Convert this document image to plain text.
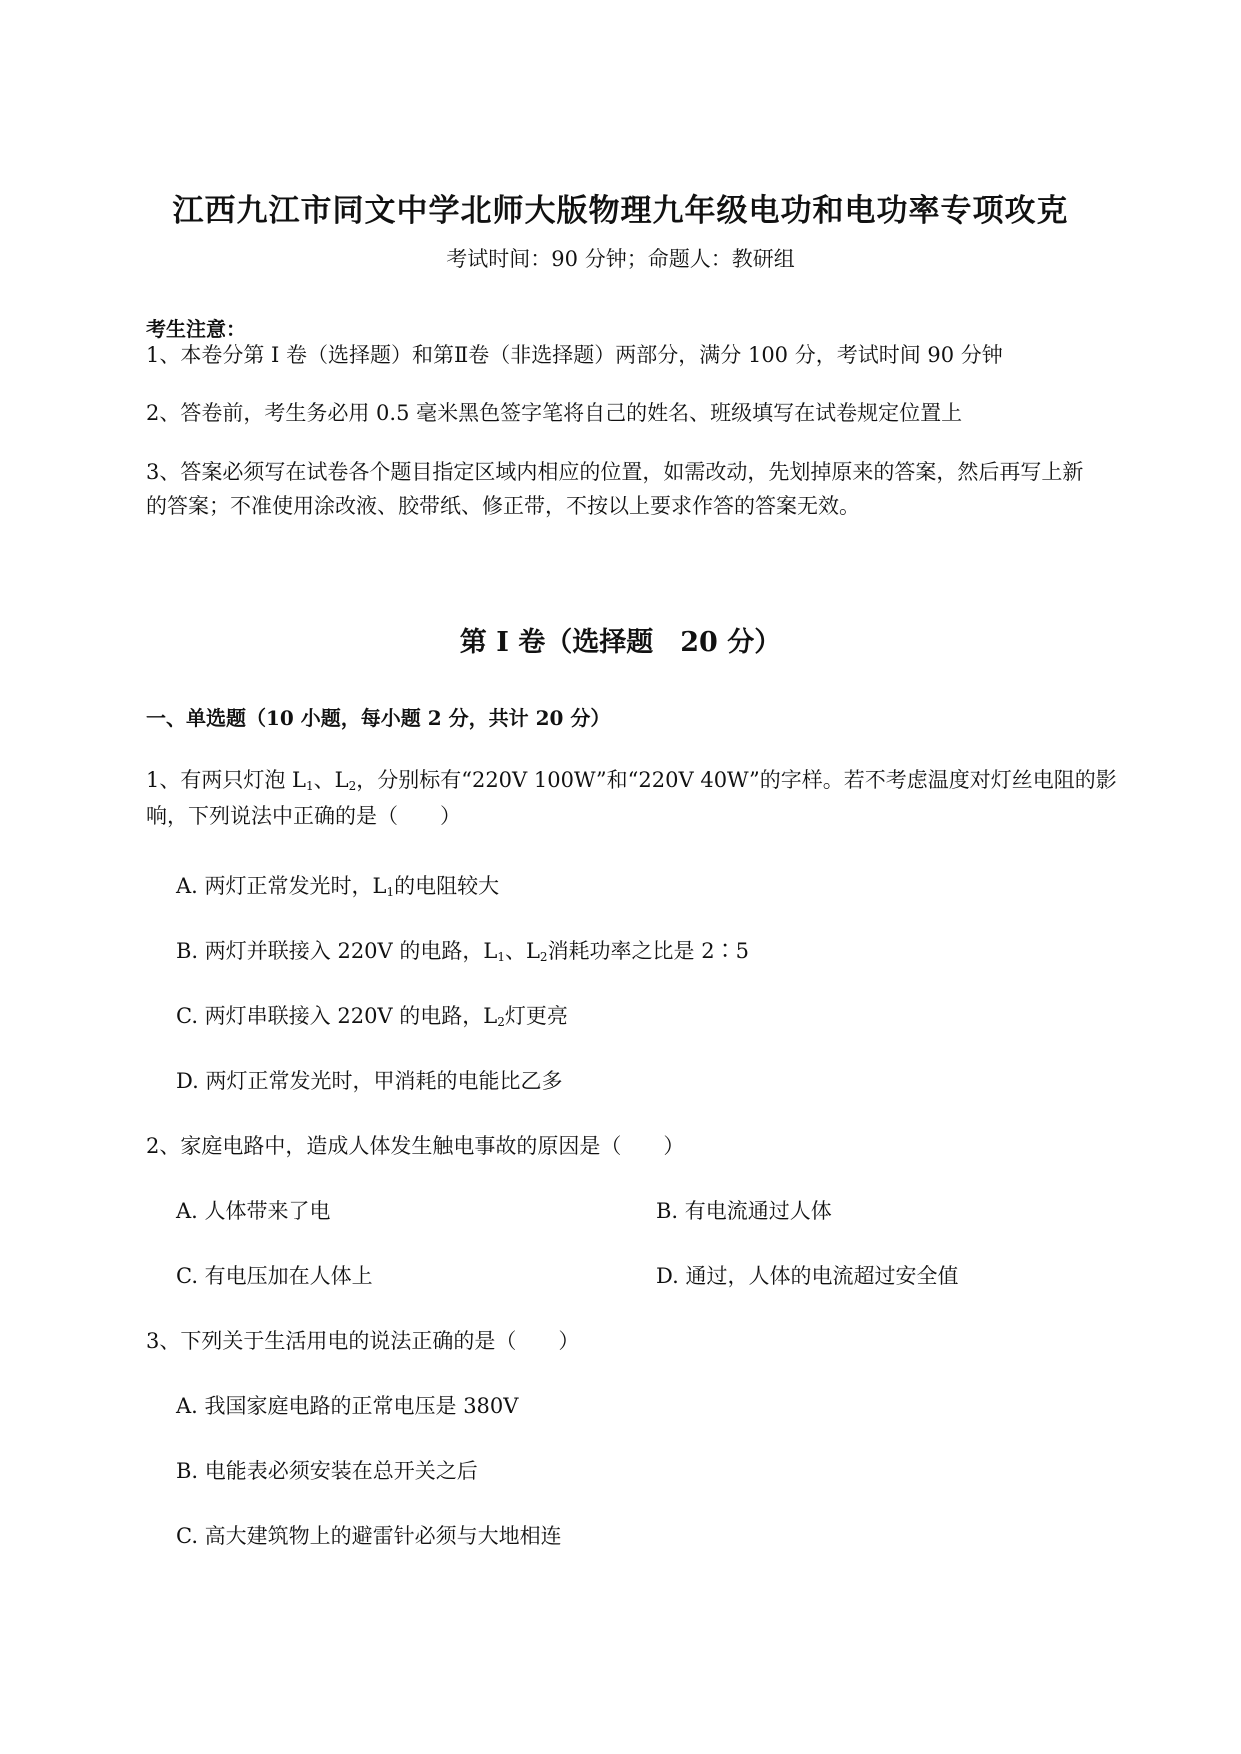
江西九江市同文中学北师大版物理九年级电功和电功率专项攻克
考试时间：90 分钟；命题人：教研组
考生注意：
1、本卷分第 I 卷（选择题）和第Ⅱ卷（非选择题）两部分，满分 100 分，考试时间 90 分钟
2、答卷前，考生务必用 0.5 毫米黑色签字笔将自己的姓名、班级填写在试卷规定位置上
3、答案必须写在试卷各个题目指定区域内相应的位置，如需改动，先划掉原来的答案，然后再写上新
的答案；不准使用涂改液、胶带纸、修正带，不按以上要求作答的答案无效。
第 I 卷（选择题　20 分）
一、单选题（10 小题，每小题 2 分，共计 20 分）
1、有两只灯泡 $L_1$、$L_2$，分别标有“220V 100W”和“220V 40W”的字样。若不考虑温度对灯丝电阻的影
响，下列说法中正确的是（　　）
A. 两灯正常发光时，$L_1$的电阻较大
B. 两灯并联接入 220V 的电路，$L_1$、$L_2$消耗功率之比是 2∶5
C. 两灯串联接入 220V 的电路，$L_2$灯更亮
D. 两灯正常发光时，甲消耗的电能比乙多
2、家庭电路中，造成人体发生触电事故的原因是（　　）
A. 人体带来了电	B. 有电流通过人体
C. 有电压加在人体上	D. 通过，人体的电流超过安全值
3、下列关于生活用电的说法正确的是（　　）
A. 我国家庭电路的正常电压是 380V
B. 电能表必须安装在总开关之后
C. 高大建筑物上的避雷针必须与大地相连
